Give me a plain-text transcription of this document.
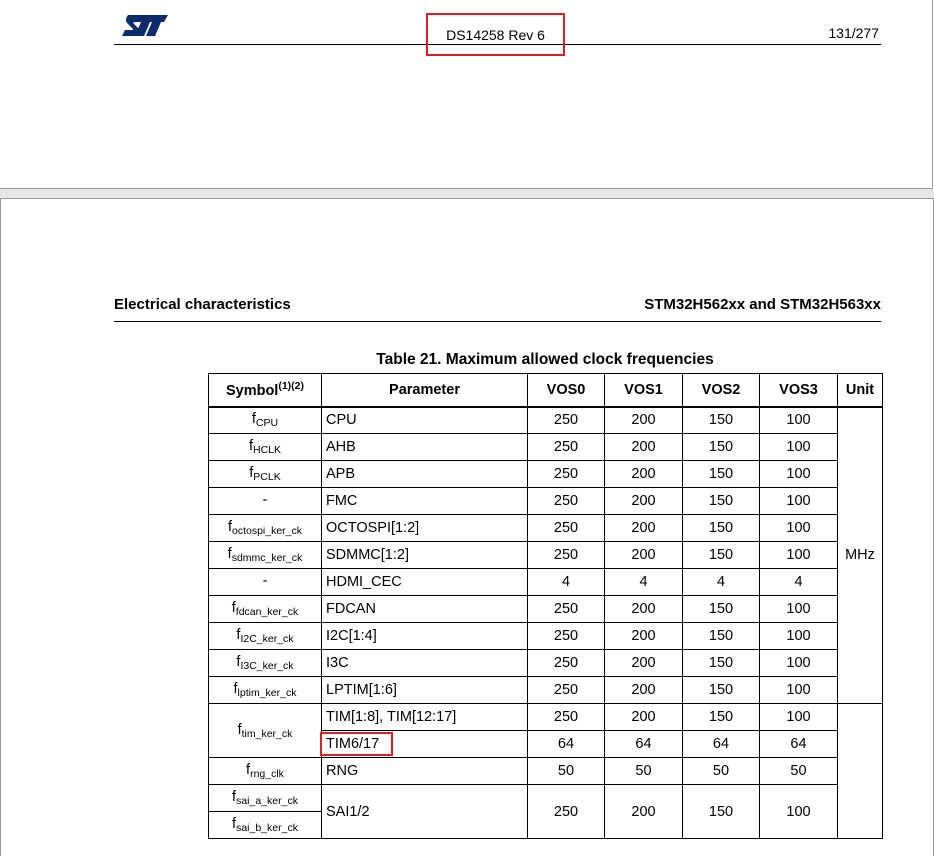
DS14258 Rev 6	131/277
Electrical characteristics	STM32H562xx and STM32H563xx
Table 21. Maximum allowed clock frequencies
Symbol$^{(1)(2)}$	Parameter	VOS0	VOS1	VOS2	VOS3	Unit
$f_{CPU}$	CPU	250	200	150	100	MHz
$f_{HCLK}$	AHB	250	200	150	100	
$f_{PCLK}$	APB	250	200	150	100	
-	FMC	250	200	150	100	
$f_{octospi\_ker\_ck}$	OCTOSPI[1:2]	250	200	150	100	
$f_{sdmmc\_ker\_ck}$	SDMMC[1:2]	250	200	150	100	
-	HDMI_CEC	4	4	4	4	
$f_{fdcan\_ker\_ck}$	FDCAN	250	200	150	100	
$f_{I2C\_ker\_ck}$	I2C[1:4]	250	200	150	100	
$f_{I3C\_ker\_ck}$	I3C	250	200	150	100	
$f_{lptim\_ker\_ck}$	LPTIM[1:6]	250	200	150	100	
$f_{tim\_ker\_ck}$	TIM[1:8], TIM[12:17]	250	200	150	100	
	TIM6/17	64	64	64	64	
$f_{rng\_clk}$	RNG	50	50	50	50	
$f_{sai\_a\_ker\_ck}$	SAI1/2	250	200	150	100	
$f_{sai\_b\_ker\_ck}$
